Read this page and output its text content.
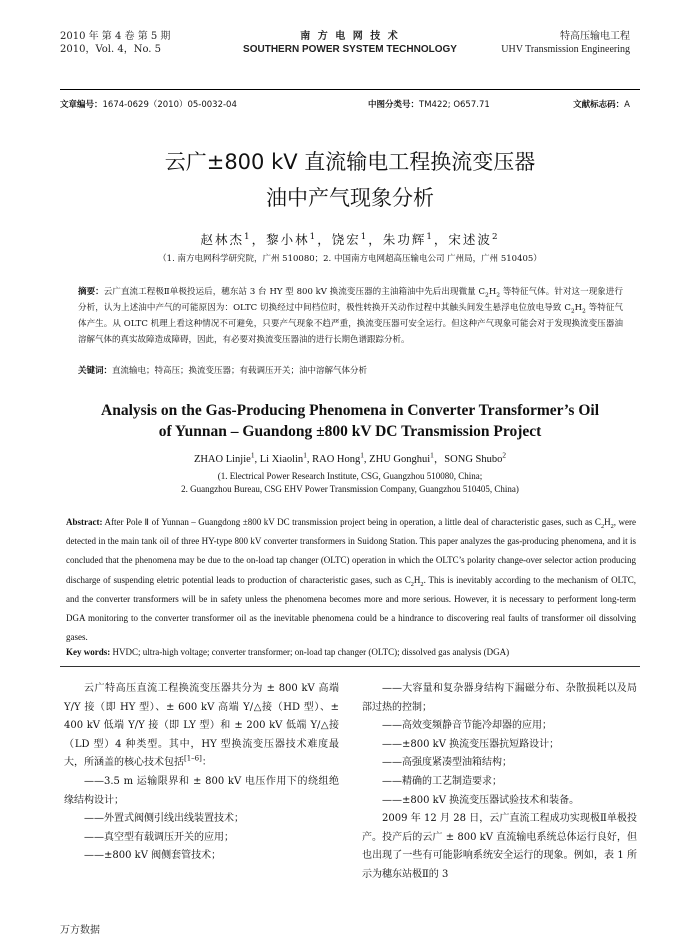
2010 年 第 4 卷 第 5 期
2010，Vol. 4，No. 5
南 方 电 网 技 术
SOUTHERN POWER SYSTEM TECHNOLOGY
特高压输电工程
UHV Transmission Engineering
文章编号：1674-0629（2010）05-0032-04	中图分类号：TM422; O657.71	文献标志码：A
云广±800 kV 直流输电工程换流变压器
油中产气现象分析
赵林杰$^1$，黎小林$^1$，饶宏$^1$，朱功辉$^1$，宋述波$^2$
（1. 南方电网科学研究院，广州 510080；2. 中国南方电网超高压输电公司 广州局，广州 510405）
摘要：云广直流工程极Ⅱ单极投运后，穗东站 3 台 HY 型 800 kV 换流变压器的主油箱油中先后出现微量 $C_2H_2$ 等特征气体。针对这一现象进行分析，认为上述油中产气的可能原因为：OLTC 切换经过中间档位时，极性转换开关动作过程中其触头间发生悬浮电位放电导致 $C_2H_2$ 等特征气体产生。从 OLTC 机理上看这种情况不可避免，只要产气现象不趋严重，换流变压器可安全运行。但这种产气现象可能会对于发现换流变压器油溶解气体的真实故障造成障碍，因此，有必要对换流变压器油的进行长期色谱跟踪分析。
关键词：直流输电；特高压；换流变压器；有载调压开关；油中溶解气体分析
Analysis on the Gas-Producing Phenomena in Converter Transformer’s Oil
of Yunnan – Guandong ±800 kV DC Transmission Project
ZHAO Linjie$^1$, Li Xiaolin$^1$, RAO Hong$^1$, ZHU Gonghui$^1$，SONG Shubo$^2$
(1. Electrical Power Research Institute, CSG, Guangzhou 510080, China;
2. Guangzhou Bureau, CSG EHV Power Transmission Company, Guangzhou 510405, China)
Abstract: After Pole Ⅱ of Yunnan – Guangdong ±800 kV DC transmission project being in operation, a little deal of characteristic gases, such as $C_2H_2$, were detected in the main tank oil of three HY-type 800 kV converter transformers in Suidong Station. This paper analyzes the gas-producing phenomena, and it is concluded that the phenomena may be due to the on-load tap changer (OLTC) operation in which the OLTC’s polarity change-over selector action producing discharge of suspending eletric potential leads to production of characteristic gases, such as $C_2H_2$. This is inevitably according to the mechanism of OLTC, and the converter transformers will be in safety unless the phenomena becomes more and more serious. However, it is necessary to performent long-term DGA monitoring to the converter transformer oil as the inevitable phenomena could be a hindrance to discovering real faults of transformer oil dissolving gases.
Key words: HVDC; ultra-high voltage; converter transformer; on-load tap changer (OLTC); dissolved gas analysis (DGA)

云广特高压直流工程换流变压器共分为 ± 800 kV 高端 Y/Y 接（即 HY 型）、± 600 kV 高端 Y/△接（HD 型）、± 400 kV 低端 Y/Y 接（即 LY 型）和 ± 200 kV 低端 Y/△接（LD 型）4 种类型。其中，HY 型换流变压器技术难度最大，所涵盖的核心技术包括[1–6]：

——3.5 m 运输限界和 ± 800 kV 电压作用下的绕组绝缘结构设计；

——外置式阀侧引线出线装置技术；

——真空型有载调压开关的应用；

——±800 kV 阀侧套管技术；

——大容量和复杂器身结构下漏磁分布、杂散损耗以及局部过热的控制；

——高效变频静音节能冷却器的应用；

——±800 kV 换流变压器抗短路设计；

——高强度紧凑型油箱结构；

——精确的工艺制造要求；

——±800 kV 换流变压器试验技术和装备。

2009 年 12 月 28 日，云广直流工程成功实现极Ⅱ单极投产。投产后的云广 ± 800 kV 直流输电系统总体运行良好，但也出现了一些有可能影响系统安全运行的现象。例如，表 1 所示为穗东站极Ⅱ的 3

万方数据
